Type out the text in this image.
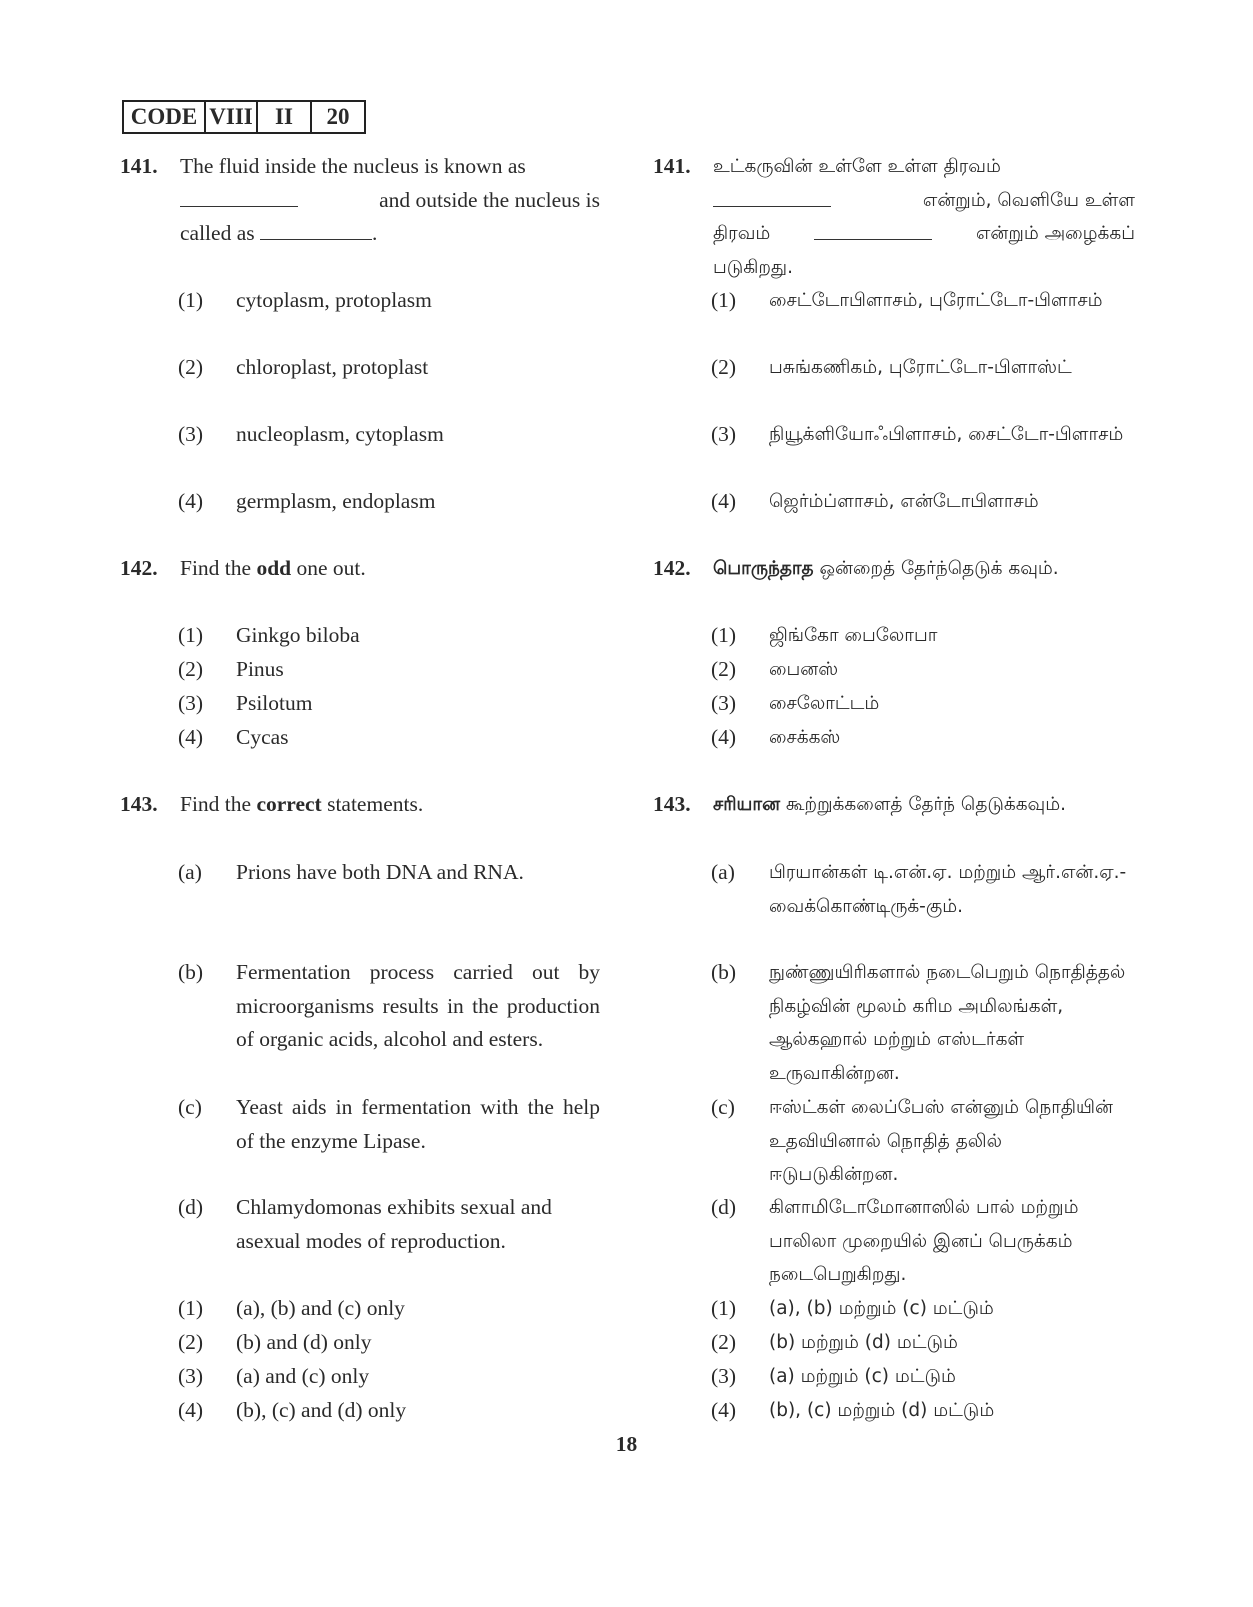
CODE VIII II	20
141.	The fluid inside the nucleus is known as
and outside the nucleus is
called as	.
(1)	cytoplasm, protoplasm
(2)	chloroplast, protoplast
(3)	nucleoplasm, cytoplasm
(4)	germplasm, endoplasm
142.	Find the odd one out.
(1)	Ginkgo biloba
(2)	Pinus
(3)	Psilotum
(4)	Cycas
143.	Find the correct statements.
(a)	Prions have both DNA and RNA.
(b)	Fermentation process carried out by microorganisms results in the production of organic acids, alcohol and esters.
(c)	Yeast aids in fermentation with the help of the enzyme Lipase.
(d)	Chlamydomonas exhibits sexual and asexual modes of reproduction.
(1)	(a), (b) and (c) only
(2)	(b) and (d) only
(3)	(a) and (c) only
(4)	(b), (c) and (d) only
141.	உட்கருவின் உள்ளே உள்ள திரவம்
என்றும், வெளியே உள்ள
திரவம்	என்றும் அழைக்கப்
படுகிறது.
(1)	சைட்டோபிளாசம், புரோட்டோ-பிளாசம்
(2)	பசுங்கணிகம், புரோட்டோ-பிளாஸ்ட்
(3)	நியூக்ளியோஃபிளாசம், சைட்டோ-பிளாசம்
(4)	ஜெர்ம்ப்ளாசம், என்டோபிளாசம்
142.	பொருந்தாத ஒன்றைத் தேர்ந்தெடுக் கவும்.
(1)	ஜிங்கோ பைலோபா
(2)	பைனஸ்
(3)	சைலோட்டம்
(4)	சைக்கஸ்
143.	சரியான கூற்றுக்களைத் தேர்ந் தெடுக்கவும்.
(a)	பிரயான்கள் டி.என்.ஏ. மற்றும் ஆர்.என்.ஏ.-வைக்கொண்டிருக்-கும்.
(b)	நுண்ணுயிரிகளால் நடைபெறும் நொதித்தல் நிகழ்வின் மூலம் கரிம அமிலங்கள், ஆல்கஹால் மற்றும் எஸ்டர்கள் உருவாகின்றன.
(c)	ஈஸ்ட்கள் லைப்பேஸ் என்னும் நொதியின் உதவியினால் நொதித் தலில் ஈடுபடுகின்றன.
(d)	கிளாமிடோமோனாஸில் பால் மற்றும் பாலிலா முறையில் இனப் பெருக்கம் நடைபெறுகிறது.
(1)	(a), (b) மற்றும் (c) மட்டும்
(2)	(b) மற்றும் (d) மட்டும்
(3)	(a) மற்றும் (c) மட்டும்
(4)	(b), (c) மற்றும் (d) மட்டும்
18
